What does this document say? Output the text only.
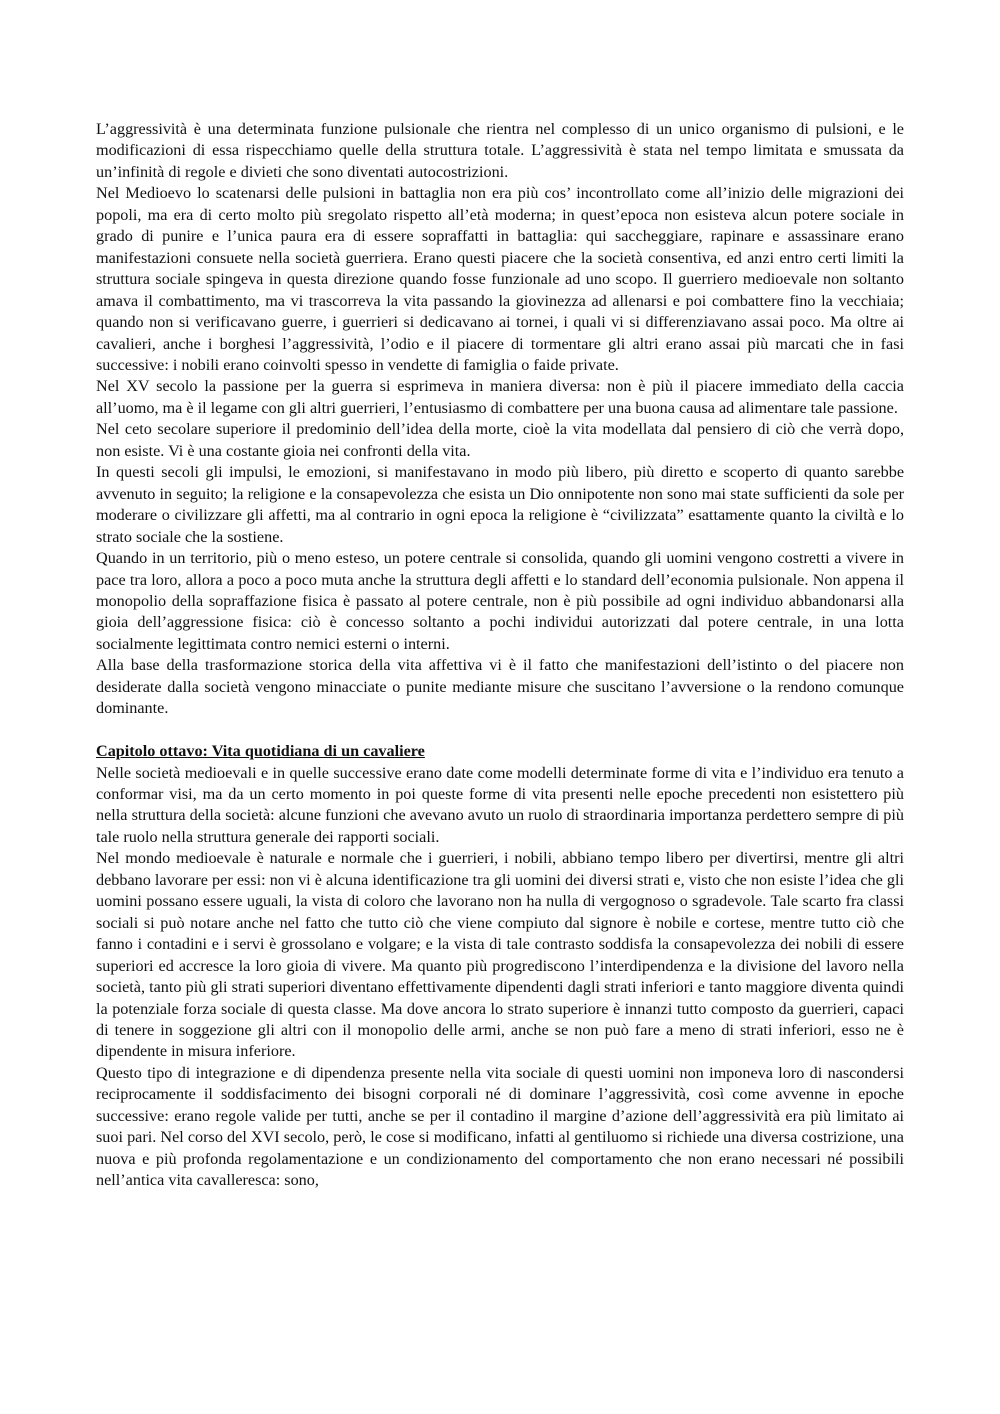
L’aggressività è una determinata funzione pulsionale che rientra nel complesso di un unico organismo di pulsioni, e le modificazioni di essa rispecchiamo quelle della struttura totale. L’aggressività è stata nel tempo limitata e smussata da un’infinità di regole e divieti che sono diventati autocostrizioni.

Nel Medioevo lo scatenarsi delle pulsioni in battaglia non era più cos’ incontrollato come all’inizio delle migrazioni dei popoli, ma era di certo molto più sregolato rispetto all’età moderna; in quest’epoca non esisteva alcun potere sociale in grado di punire e l’unica paura era di essere sopraffatti in battaglia: qui saccheggiare, rapinare e assassinare erano manifestazioni consuete nella società guerriera. Erano questi piacere che la società consentiva, ed anzi entro certi limiti la struttura sociale spingeva in questa direzione quando fosse funzionale ad uno scopo. Il guerriero medioevale non soltanto amava il combattimento, ma vi trascorreva la vita passando la giovinezza ad allenarsi e poi combattere fino la vecchiaia; quando non si verificavano guerre, i guerrieri si dedicavano ai tornei, i quali vi si differenziavano assai poco. Ma oltre ai cavalieri, anche i borghesi l’aggressività, l’odio e il piacere di tormentare gli altri erano assai più marcati che in fasi successive: i nobili erano coinvolti spesso in vendette di famiglia o faide private.

Nel XV secolo la passione per la guerra si esprimeva in maniera diversa: non è più il piacere immediato della caccia all’uomo, ma è il legame con gli altri guerrieri, l’entusiasmo di combattere per una buona causa ad alimentare tale passione.

Nel ceto secolare superiore il predominio dell’idea della morte, cioè la vita modellata dal pensiero di ciò che verrà dopo, non esiste. Vi è una costante gioia nei confronti della vita.

In questi secoli gli impulsi, le emozioni, si manifestavano in modo più libero, più diretto e scoperto di quanto sarebbe avvenuto in seguito; la religione e la consapevolezza che esista un Dio onnipotente non sono mai state sufficienti da sole per moderare o civilizzare gli affetti, ma al contrario in ogni epoca la religione è “civilizzata” esattamente quanto la civiltà e lo strato sociale che la sostiene.

Quando in un territorio, più o meno esteso, un potere centrale si consolida, quando gli uomini vengono costretti a vivere in pace tra loro, allora a poco a poco muta anche la struttura degli affetti e lo standard dell’economia pulsionale. Non appena il monopolio della sopraffazione fisica è passato al potere centrale, non è più possibile ad ogni individuo abbandonarsi alla gioia dell’aggressione fisica: ciò è concesso soltanto a pochi individui autorizzati dal potere centrale, in una lotta socialmente legittimata contro nemici esterni o interni.

Alla base della trasformazione storica della vita affettiva vi è il fatto che manifestazioni dell’istinto o del piacere non desiderate dalla società vengono minacciate o punite mediante misure che suscitano l’avversione o la rendono comunque dominante.

Capitolo ottavo: Vita quotidiana di un cavaliere

Nelle società medioevali e in quelle successive erano date come modelli determinate forme di vita e l’individuo era tenuto a conformar visi, ma da un certo momento in poi queste forme di vita presenti nelle epoche precedenti non esistettero più nella struttura della società: alcune funzioni che avevano avuto un ruolo di straordinaria importanza perdettero sempre di più tale ruolo nella struttura generale dei rapporti sociali.

Nel mondo medioevale è naturale e normale che i guerrieri, i nobili, abbiano tempo libero per divertirsi, mentre gli altri debbano lavorare per essi: non vi è alcuna identificazione tra gli uomini dei diversi strati e, visto che non esiste l’idea che gli uomini possano essere uguali, la vista di coloro che lavorano non ha nulla di vergognoso o sgradevole. Tale scarto fra classi sociali si può notare anche nel fatto che tutto ciò che viene compiuto dal signore è nobile e cortese, mentre tutto ciò che fanno i contadini e i servi è grossolano e volgare; e la vista di tale contrasto soddisfa la consapevolezza dei nobili di essere superiori ed accresce la loro gioia di vivere. Ma quanto più progrediscono l’interdipendenza e la divisione del lavoro nella società, tanto più gli strati superiori diventano effettivamente dipendenti dagli strati inferiori e tanto maggiore diventa quindi la potenziale forza sociale di questa classe. Ma dove ancora lo strato superiore è innanzi tutto composto da guerrieri, capaci di tenere in soggezione gli altri con il monopolio delle armi, anche se non può fare a meno di strati inferiori, esso ne è dipendente in misura inferiore.

Questo tipo di integrazione e di dipendenza presente nella vita sociale di questi uomini non imponeva loro di nascondersi reciprocamente il soddisfacimento dei bisogni corporali né di dominare l’aggressività, così come avvenne in epoche successive: erano regole valide per tutti, anche se per il contadino il margine d’azione dell’aggressività era più limitato ai suoi pari. Nel corso del XVI secolo, però, le cose si modificano, infatti al gentiluomo si richiede una diversa costrizione, una nuova e più profonda regolamentazione e un condizionamento del comportamento che non erano necessari né possibili nell’antica vita cavalleresca: sono,
